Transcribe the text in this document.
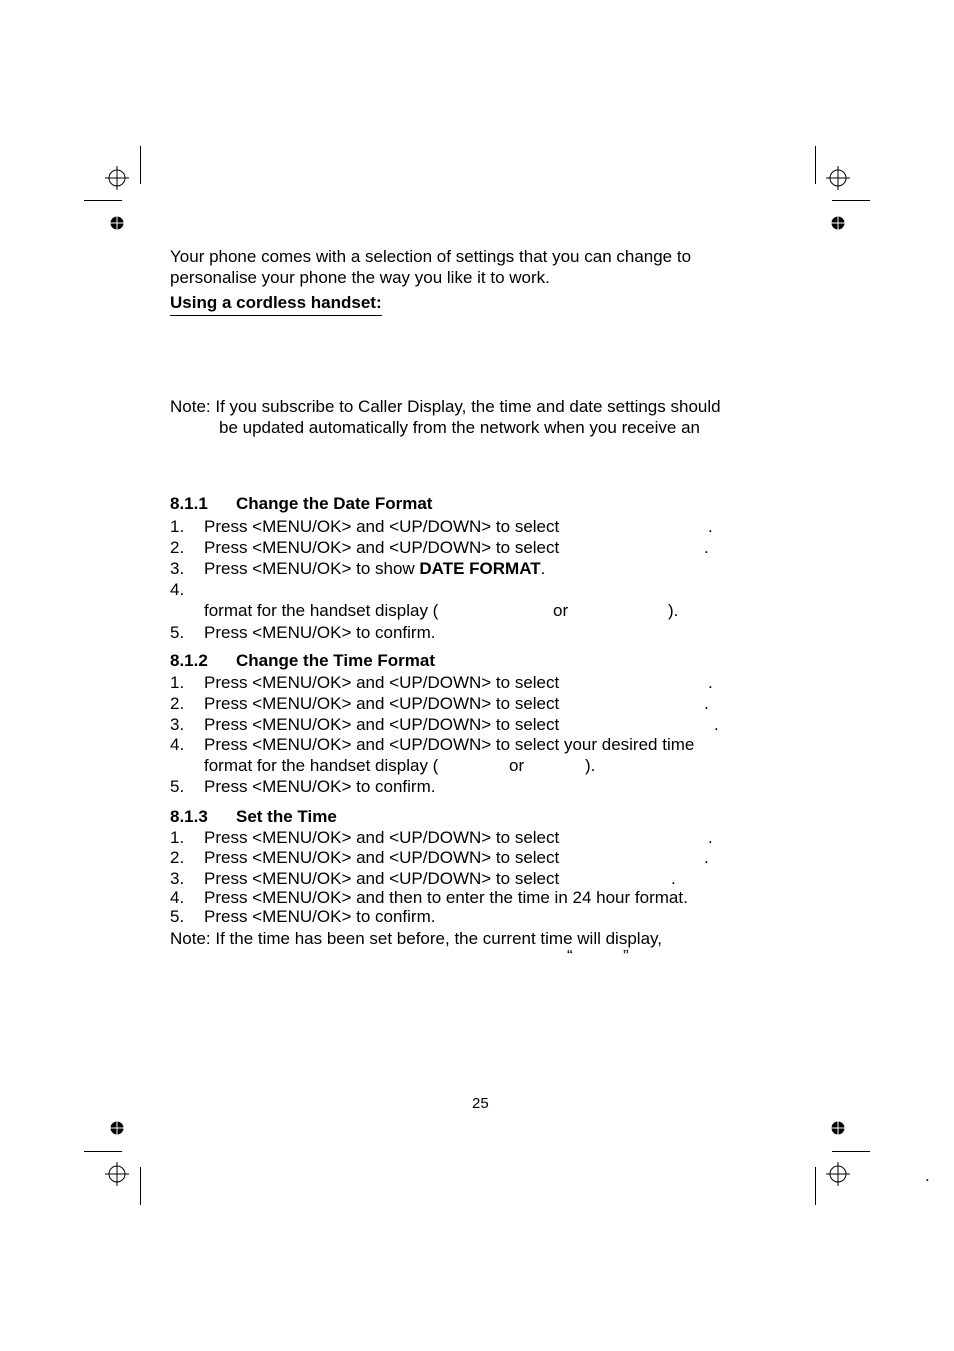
Your phone comes with a selection of settings that you can change to
personalise your phone the way you like it to work.
Using a cordless handset:
Note: If you subscribe to Caller Display, the time and date settings should
be updated automatically from the network when you receive an
8.1.1 Change the Date Format
1. Press <MENU/OK> and <UP/DOWN> to select	.
2. Press <MENU/OK> and <UP/DOWN> to select	.
3. Press <MENU/OK> to show DATE FORMAT.
4.
format for the handset display (	or	).
5. Press <MENU/OK> to confirm.
8.1.2 Change the Time Format
1. Press <MENU/OK> and <UP/DOWN> to select	.
2. Press <MENU/OK> and <UP/DOWN> to select	.
3. Press <MENU/OK> and <UP/DOWN> to select	.
4. Press <MENU/OK> and <UP/DOWN> to select your desired time
format for the handset display (	or	).
5. Press <MENU/OK> to confirm.
8.1.3 Set the Time
1. Press <MENU/OK> and <UP/DOWN> to select	.
2. Press <MENU/OK> and <UP/DOWN> to select	.
3. Press <MENU/OK> and <UP/DOWN> to select	.
4. Press <MENU/OK> and then to enter the time in 24 hour format.
5. Press <MENU/OK> to confirm.
Note: If the time has been set before, the current time will display,
“	”
25
.
